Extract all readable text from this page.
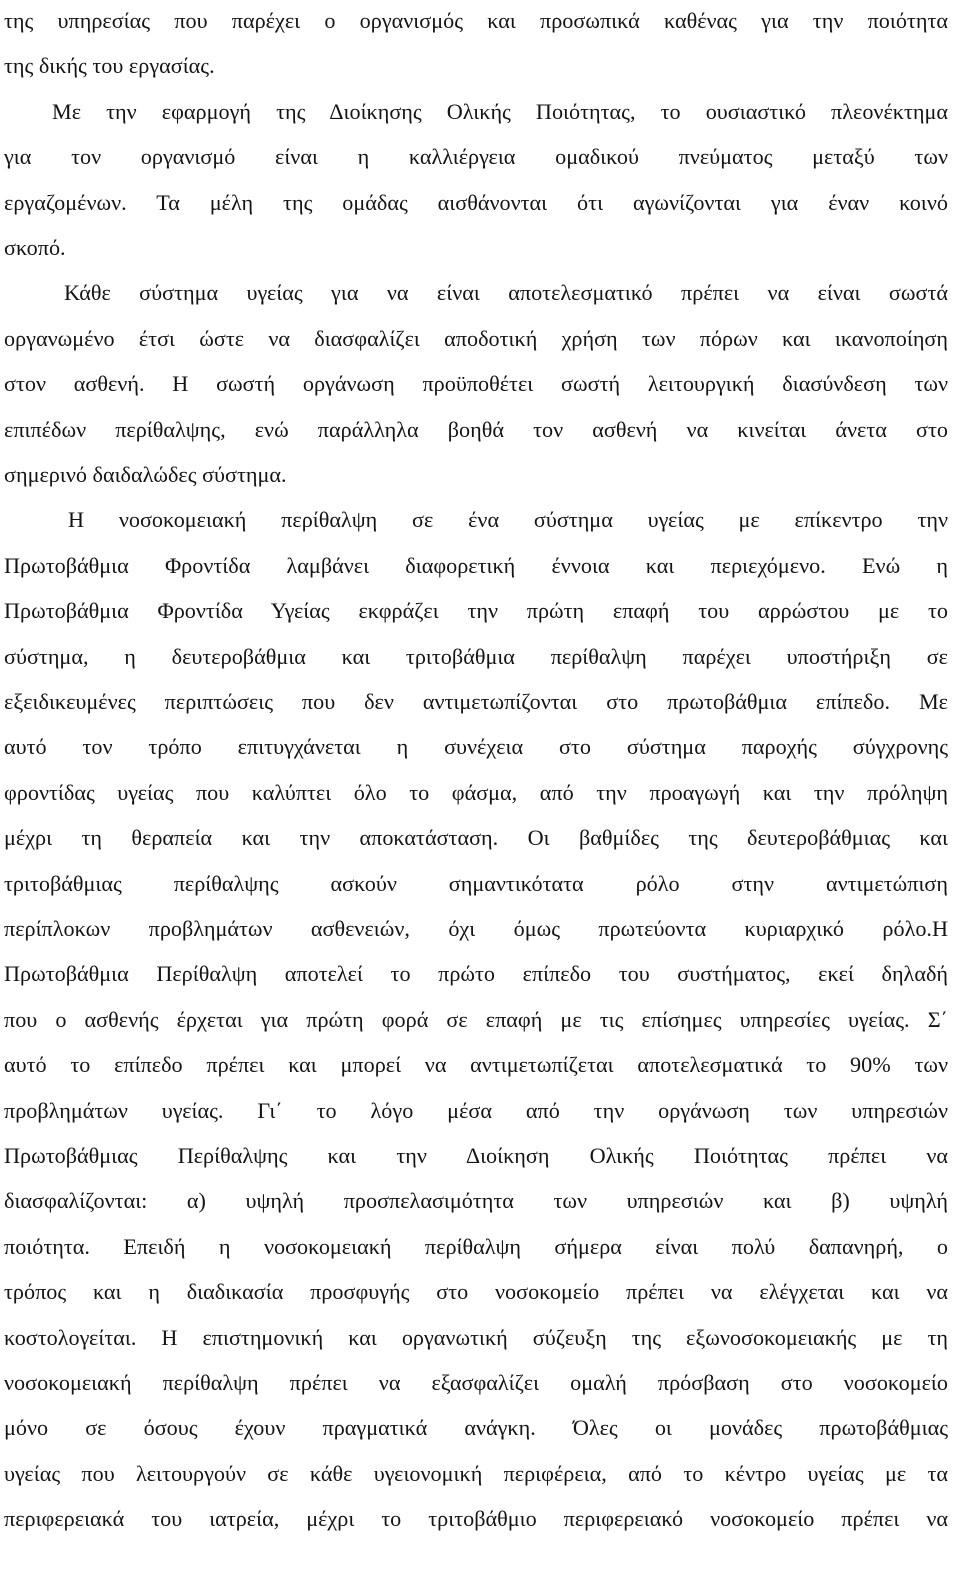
της υπηρεσίας που παρέχει ο οργανισμός και προσωπικά καθένας για την ποιότητα
της δικής του εργασίας.
Με την εφαρμογή της Διοίκησης Ολικής Ποιότητας, το ουσιαστικό πλεονέκτημα
για τον οργανισμό είναι η καλλιέργεια ομαδικού πνεύματος μεταξύ των
εργαζομένων. Τα μέλη της ομάδας αισθάνονται ότι αγωνίζονται για έναν κοινό
σκοπό.
Κάθε σύστημα υγείας για να είναι αποτελεσματικό πρέπει να είναι σωστά
οργανωμένο έτσι ώστε να διασφαλίζει αποδοτική χρήση των πόρων και ικανοποίηση
στον ασθενή. Η σωστή οργάνωση προϋποθέτει σωστή λειτουργική διασύνδεση των
επιπέδων περίθαλψης, ενώ παράλληλα βοηθά τον ασθενή να κινείται άνετα στο
σημερινό δαιδαλώδες σύστημα.
Η νοσοκομειακή περίθαλψη σε ένα σύστημα υγείας με επίκεντρο την
Πρωτοβάθμια Φροντίδα λαμβάνει διαφορετική έννοια και περιεχόμενο. Ενώ η
Πρωτοβάθμια Φροντίδα Υγείας εκφράζει την πρώτη επαφή του αρρώστου με το
σύστημα, η δευτεροβάθμια και τριτοβάθμια περίθαλψη παρέχει υποστήριξη σε
εξειδικευμένες περιπτώσεις που δεν αντιμετωπίζονται στο πρωτοβάθμια επίπεδο. Με
αυτό τον τρόπο επιτυγχάνεται η συνέχεια στο σύστημα παροχής σύγχρονης
φροντίδας υγείας που καλύπτει όλο το φάσμα, από την προαγωγή και την πρόληψη
μέχρι τη θεραπεία και την αποκατάσταση. Οι βαθμίδες της δευτεροβάθμιας και
τριτοβάθμιας περίθαλψης ασκούν σημαντικότατα ρόλο στην αντιμετώπιση
περίπλοκων προβλημάτων ασθενειών, όχι όμως πρωτεύοντα κυριαρχικό ρόλο.Η
Πρωτοβάθμια Περίθαλψη αποτελεί το πρώτο επίπεδο του συστήματος, εκεί δηλαδή
που ο ασθενής έρχεται για πρώτη φορά σε επαφή με τις επίσημες υπηρεσίες υγείας. Σ΄
αυτό το επίπεδο πρέπει και μπορεί να αντιμετωπίζεται αποτελεσματικά το 90% των
προβλημάτων υγείας. Γι΄ το λόγο μέσα από την οργάνωση των υπηρεσιών
Πρωτοβάθμιας Περίθαλψης και την Διοίκηση Ολικής Ποιότητας πρέπει να
διασφαλίζονται: α) υψηλή προσπελασιμότητα των υπηρεσιών και β) υψηλή
ποιότητα. Επειδή η νοσοκομειακή περίθαλψη σήμερα είναι πολύ δαπανηρή, ο
τρόπος και η διαδικασία προσφυγής στο νοσοκομείο πρέπει να ελέγχεται και να
κοστολογείται. Η επιστημονική και οργανωτική σύζευξη της εξωνοσοκομειακής με τη
νοσοκομειακή περίθαλψη πρέπει να εξασφαλίζει ομαλή πρόσβαση στο νοσοκομείο
μόνο σε όσους έχουν πραγματικά ανάγκη. Όλες οι μονάδες πρωτοβάθμιας
υγείας που λειτουργούν σε κάθε υγειονομική περιφέρεια, από το κέντρο υγείας με τα
περιφερειακά του ιατρεία, μέχρι το τριτοβάθμιο περιφερειακό νοσοκομείο πρέπει να
